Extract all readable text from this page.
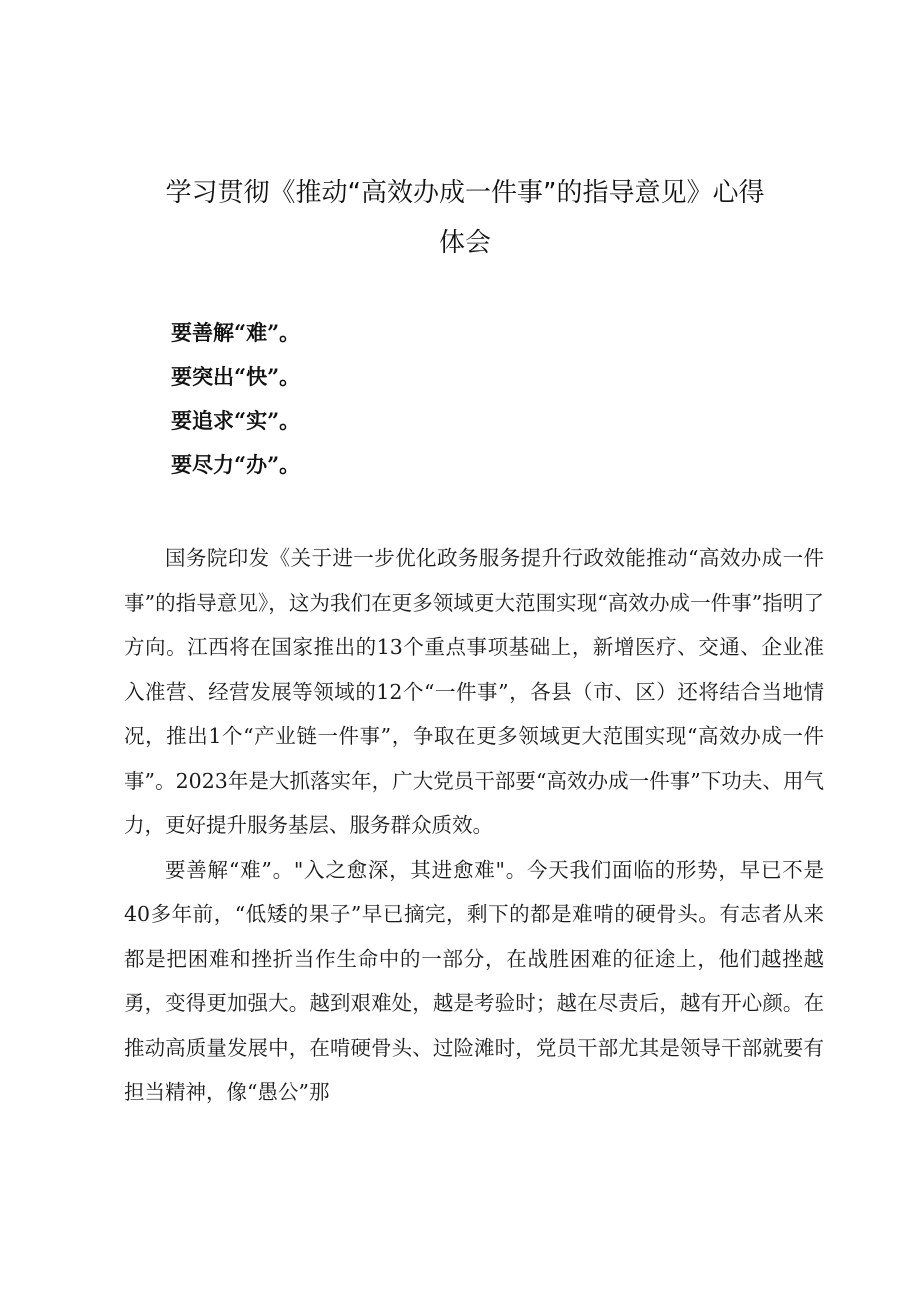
学习贯彻《推动“高效办成一件事”的指导意见》心得
体会
要善解“难”。
要突出“快”。
要追求“实”。
要尽力“办”。

国务院印发《关于进一步优化政务服务提升行政效能推动“高效办成一件事”的指导意见》，这为我们在更多领域更大范围实现“高效办成一件事”指明了方向。江西将在国家推出的13个重点事项基础上，新增医疗、交通、企业准入准营、经营发展等领域的12个“一件事”，各县（市、区）还将结合当地情况，推出1个“产业链一件事”，争取在更多领域更大范围实现“高效办成一件事”。2023年是大抓落实年，广大党员干部要“高效办成一件事”下功夫、用气力，更好提升服务基层、服务群众质效。

要善解“难”。"入之愈深，其进愈难"。今天我们面临的形势，早已不是40多年前，“低矮的果子”早已摘完，剩下的都是难啃的硬骨头。有志者从来都是把困难和挫折当作生命中的一部分，在战胜困难的征途上，他们越挫越勇，变得更加强大。越到艰难处，越是考验时；越在尽责后，越有开心颜。在推动高质量发展中，在啃硬骨头、过险滩时，党员干部尤其是领导干部就要有担当精神，像“愚公”那
